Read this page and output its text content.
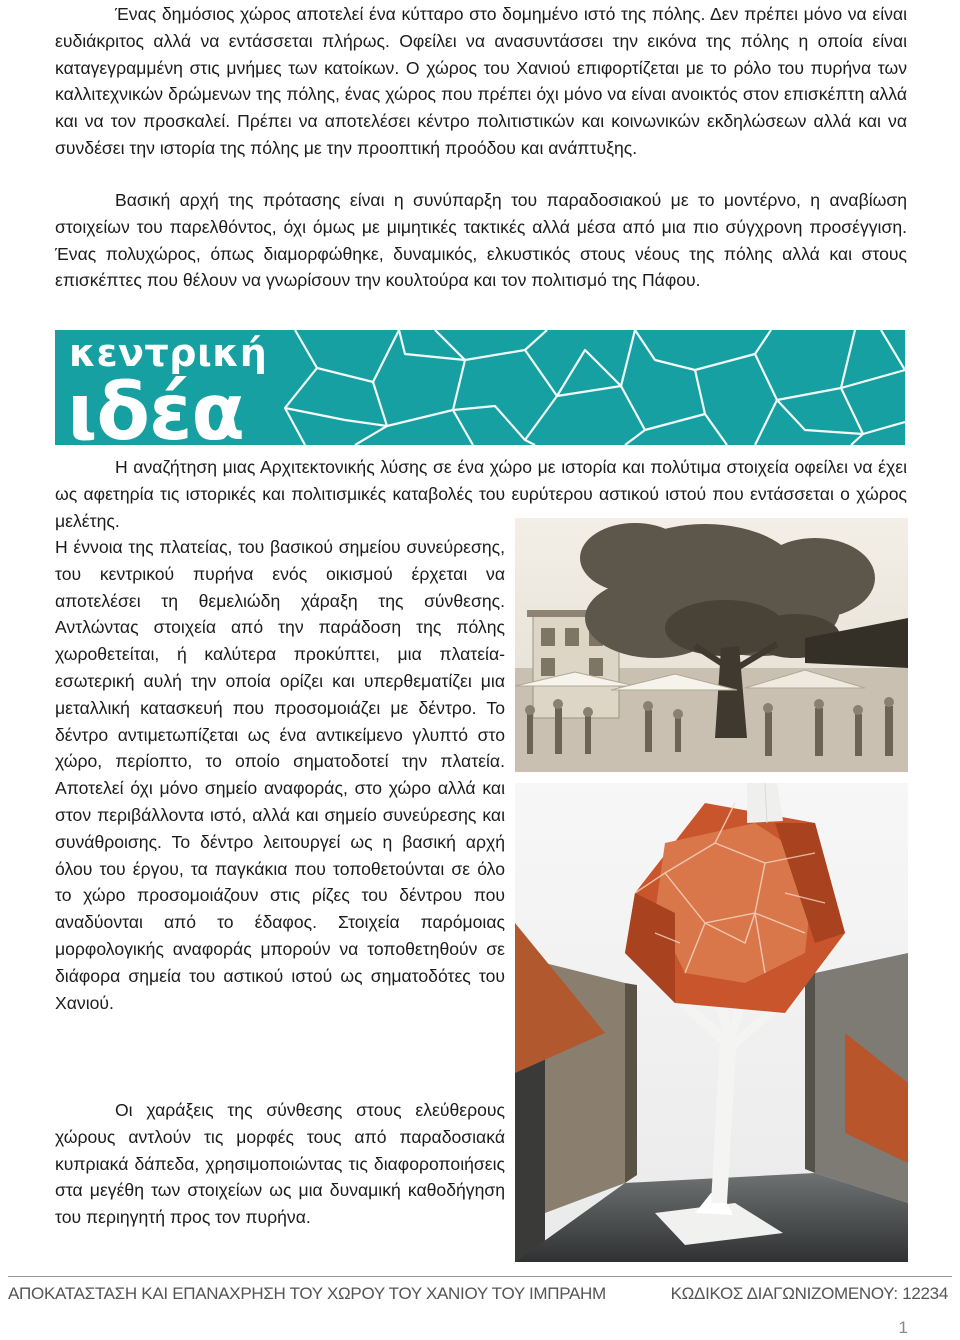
Ένας δημόσιος χώρος αποτελεί ένα κύτταρο στο δομημένο ιστό της πόλης. Δεν πρέπει μόνο να είναι ευδιάκριτος αλλά να εντάσσεται πλήρως. Οφείλει να ανασυντάσσει την εικόνα της πόλης η οποία είναι καταγεγραμμένη στις μνήμες των κατοίκων. Ο χώρος του Χανιού επιφορτίζεται με το ρόλο του πυρήνα των καλλιτεχνικών δρώμενων της πόλης, ένας χώρος που πρέπει όχι μόνο να είναι ανοικτός στον επισκέπτη αλλά και να τον προσκαλεί. Πρέπει να αποτελέσει κέντρο πολιτιστικών και κοινωνικών εκδηλώσεων αλλά και να συνδέσει την ιστορία της πόλης με την προοπτική προόδου και ανάπτυξης.

Βασική αρχή της πρότασης είναι η συνύπαρξη του παραδοσιακού με το μοντέρνο, η αναβίωση στοιχείων του παρελθόντος, όχι όμως με μιμητικές τακτικές αλλά μέσα από μια πιο σύγχρονη προσέγγιση. Ένας πολυχώρος, όπως διαμορφώθηκε, δυναμικός, ελκυστικός στους νέους της πόλης αλλά και στους επισκέπτες που θέλουν να γνωρίσουν την κουλτούρα και τον πολιτισμό της Πάφου.

κεντρική
ιδέα

Η αναζήτηση μιας Αρχιτεκτονικής λύσης σε ένα χώρο με ιστορία και πολύτιμα στοιχεία οφείλει να έχει ως αφετηρία τις ιστορικές και πολιτισμικές καταβολές του ευρύτερου αστικού ιστού που εντάσσεται ο χώρος μελέτης.

Η έννοια της πλατείας, του βασικού σημείου συνεύρεσης, του κεντρικού πυρήνα ενός οικισμού έρχεται να αποτελέσει τη θεμελιώδη χάραξη της σύνθεσης. Αντλώντας στοιχεία από την παράδοση της πόλης χωροθετείται, ή καλύτερα προκύπτει, μια πλατεία-εσωτερική αυλή την οποία ορίζει και υπερθεματίζει μια μεταλλική κατασκευή που προσομοιάζει με δέντρο. Το δέντρο αντιμετωπίζεται ως ένα αντικείμενο γλυπτό στο χώρο, περίοπτο, το οποίο σηματοδοτεί την πλατεία. Αποτελεί όχι μόνο σημείο αναφοράς, στο χώρο αλλά και στον περιβάλλοντα ιστό, αλλά και σημείο συνεύρεσης και συνάθροισης. Το δέντρο λειτουργεί ως η βασική αρχή όλου του έργου, τα παγκάκια που τοποθετούνται σε όλο το χώρο προσομοιάζουν στις ρίζες του δέντρου που αναδύονται από το έδαφος. Στοιχεία παρόμοιας μορφολογικής αναφοράς μπορούν να τοποθετηθούν σε διάφορα σημεία του αστικού ιστού ως σηματοδότες του Χανιού.

Οι χαράξεις της σύνθεσης στους ελεύθερους χώρους αντλούν τις μορφές τους από παραδοσιακά κυπριακά δάπεδα, χρησιμοποιώντας τις διαφοροποιήσεις στα μεγέθη των στοιχείων ως μια δυναμική καθοδήγηση του περιηγητή προς τον πυρήνα.

ΑΠΟΚΑΤΑΣΤΑΣΗ ΚΑΙ ΕΠΑΝΑΧΡΗΣΗ ΤΟΥ ΧΩΡΟΥ ΤΟΥ ΧΑΝΙΟΥ ΤΟΥ ΙΜΠΡΑΗΜ	ΚΩΔΙΚΟΣ ΔΙΑΓΩΝΙΖΟΜΕΝΟΥ: 12234
1
